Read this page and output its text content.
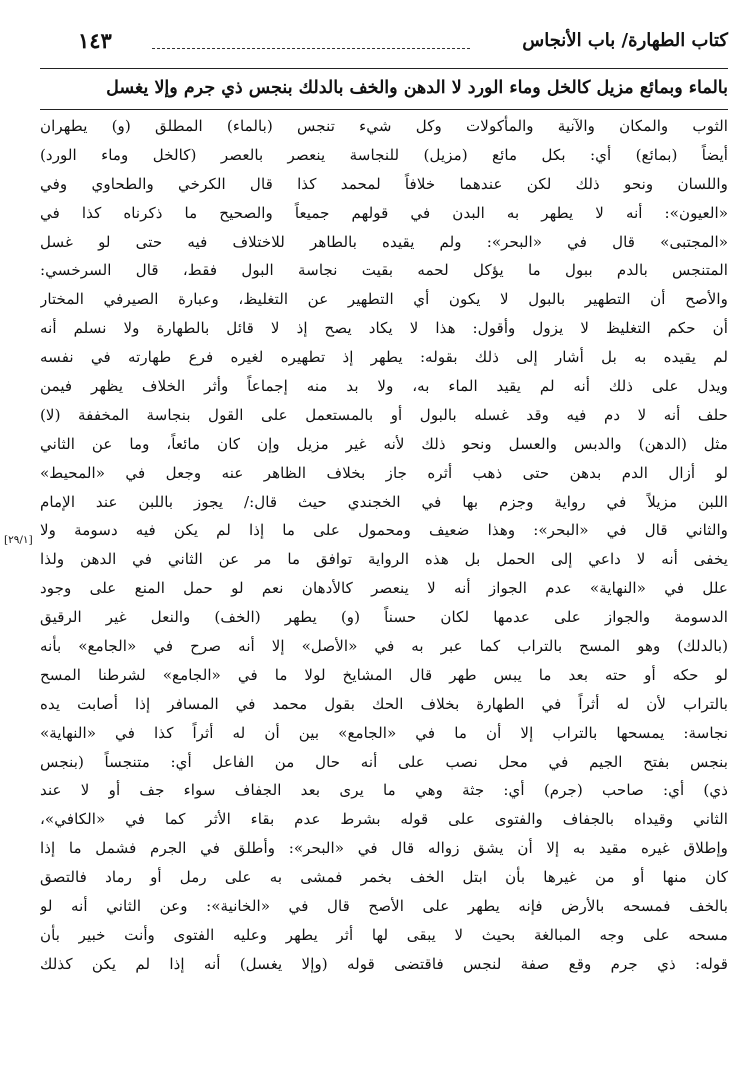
كتاب الطهارة/ باب الأنجاس
١٤٣
بالماء وبمائع مزيل كالخل وماء الورد لا الدهن والخف بالدلك بنجس ذي جرم وإلا يغسل
الثوب والمكان والآنية والمأكولات وكل شيء تنجس (بالماء) المطلق (و) يطهران
أيضاً (بمائع) أي: بكل مائع (مزيل) للنجاسة ينعصر بالعصر (كالخل وماء الورد)
واللسان ونحو ذلك لكن عندهما خلافاً لمحمد كذا قال الكرخي والطحاوي وفي
«العيون»: أنه لا يطهر به البدن في قولهم جميعاً والصحيح ما ذكرناه كذا في
«المجتبى» قال في «البحر»: ولم يقيده بالطاهر للاختلاف فيه حتى لو غسل
المتنجس بالدم ببول ما يؤكل لحمه بقيت نجاسة البول فقط، قال السرخسي:
والأصح أن التطهير بالبول لا يكون أي التطهير عن التغليظ، وعبارة الصيرفي المختار
أن حكم التغليظ لا يزول وأقول: هذا لا يكاد يصح إذ لا قائل بالطهارة ولا نسلم أنه
لم يقيده به بل أشار إلى ذلك بقوله: يطهر إذ تطهيره لغيره فرع طهارته في نفسه
ويدل على ذلك أنه لم يقيد الماء به، ولا بد منه إجماعاً وأثر الخلاف يظهر فيمن
حلف أنه لا دم فيه وقد غسله بالبول أو بالمستعمل على القول بنجاسة المخففة (لا)
مثل (الدهن) والدبس والعسل ونحو ذلك لأنه غير مزيل وإن كان مائعاً، وما عن الثاني
لو أزال الدم بدهن حتى ذهب أثره جاز بخلاف الظاهر عنه وجعل في «المحيط»
اللبن مزيلاً في رواية وجزم بها في الخجندي حيث قال:/ يجوز باللبن عند الإمام
والثاني قال في «البحر»: وهذا ضعيف ومحمول على ما إذا لم يكن فيه دسومة ولا
يخفى أنه لا داعي إلى الحمل بل هذه الرواية توافق ما مر عن الثاني في الدهن ولذا
علل في «النهاية» عدم الجواز أنه لا ينعصر كالأدهان نعم لو حمل المنع على وجود
الدسومة والجواز على عدمها لكان حسناً (و) يطهر (الخف) والنعل غير الرقيق
(بالدلك) وهو المسح بالتراب كما عبر به في «الأصل» إلا أنه صرح في «الجامع» بأنه
لو حكه أو حته بعد ما يبس طهر قال المشايخ لولا ما في «الجامع» لشرطنا المسح
بالتراب لأن له أثراً في الطهارة بخلاف الحك بقول محمد في المسافر إذا أصابت يده
نجاسة: يمسحها بالتراب إلا أن ما في «الجامع» بين أن له أثراً كذا في «النهاية»
بنجس بفتح الجيم في محل نصب على أنه حال من الفاعل أي: متنجساً (بنجس
ذي) أي: صاحب (جرم) أي: جثة وهي ما يرى بعد الجفاف سواء جف أو لا عند
الثاني وقيداه بالجفاف والفتوى على قوله بشرط عدم بقاء الأثر كما في «الكافي»،
وإطلاق غيره مقيد به إلا أن يشق زواله قال في «البحر»: وأطلق في الجرم فشمل ما إذا
كان منها أو من غيرها بأن ابتل الخف بخمر فمشى به على رمل أو رماد فالتصق
بالخف فمسحه بالأرض فإنه يطهر على الأصح قال في «الخانية»: وعن الثاني أنه لو
مسحه على وجه المبالغة بحيث لا يبقى لها أثر يطهر وعليه الفتوى وأنت خبير بأن
قوله: ذي جرم وقع صفة لنجس فاقتضى قوله (وإلا يغسل) أنه إذا لم يكن كذلك
[٢٩/١]
